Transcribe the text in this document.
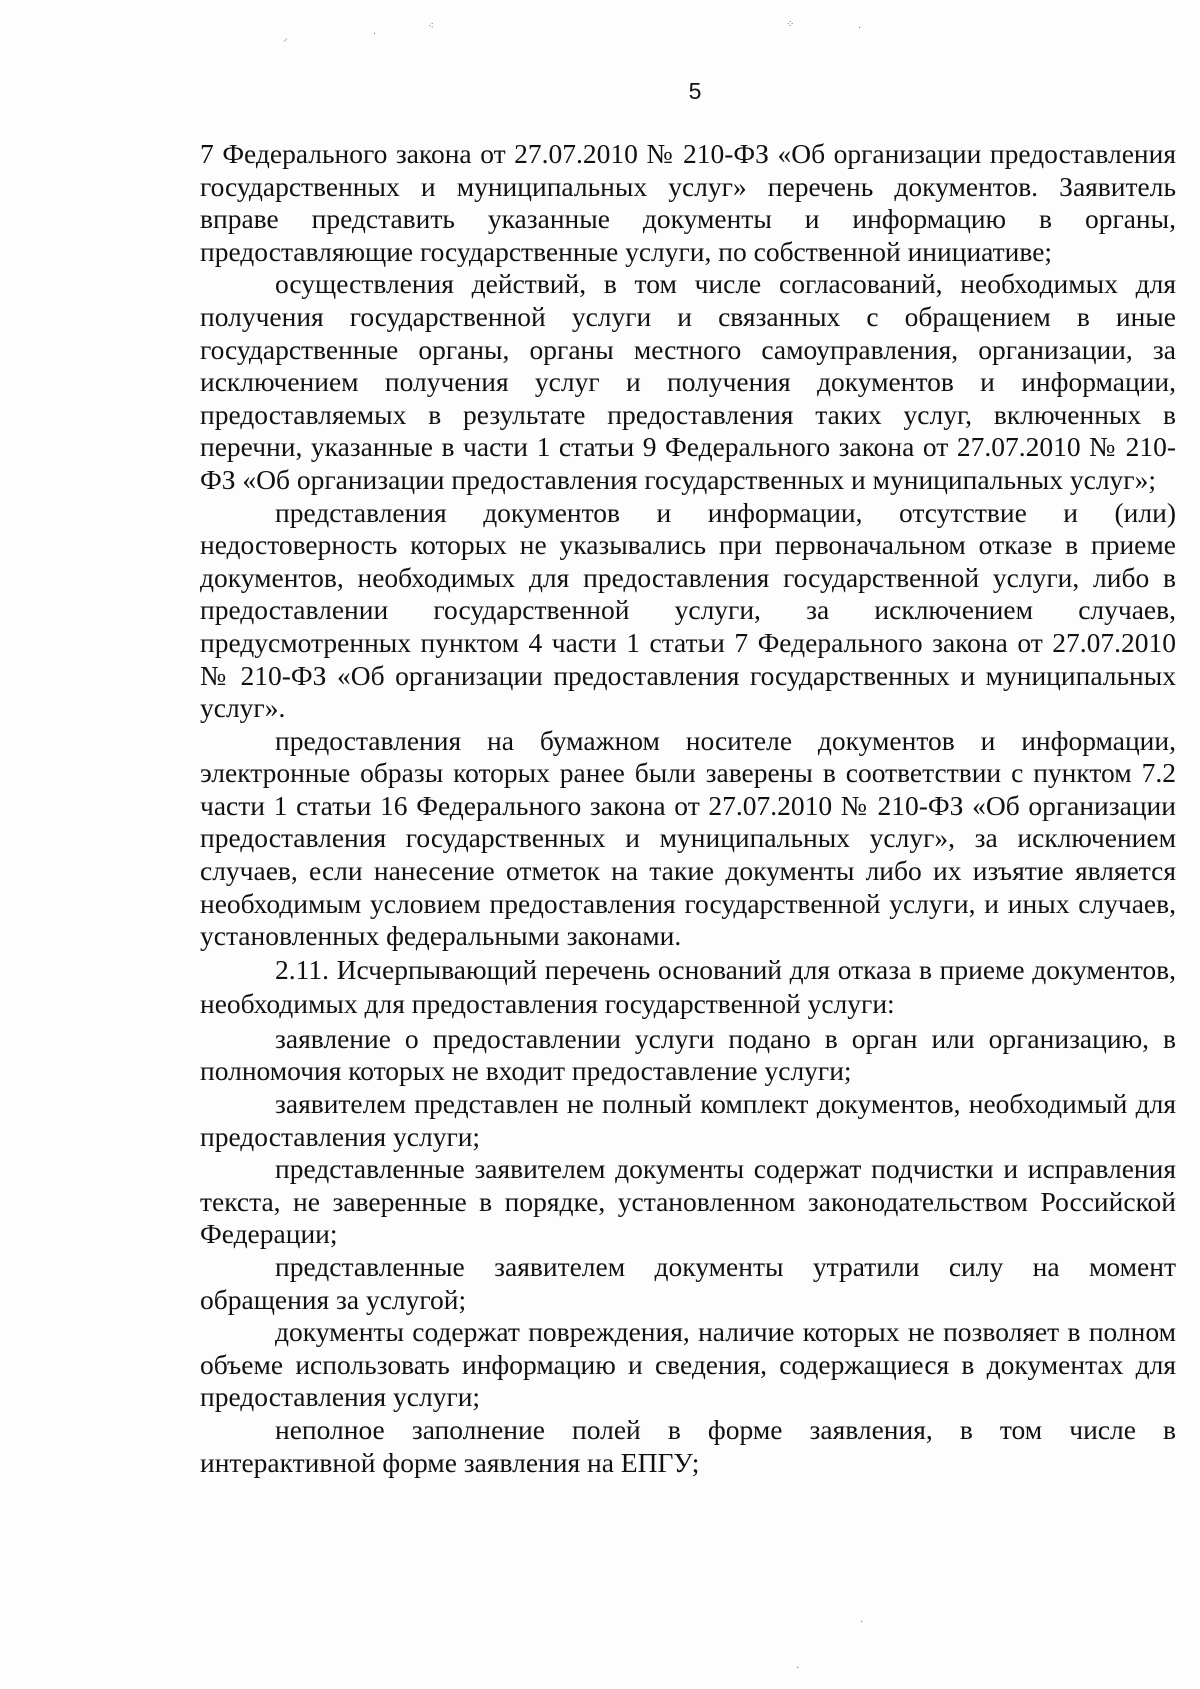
⸝	·
⁖	⁘	·
·
·
5

7 Федерального закона от 27.07.2010 № 210-ФЗ «Об организации предоставления государственных и муниципальных услуг» перечень документов. Заявитель вправе представить указанные документы и информацию в органы, предоставляющие государственные услуги, по собственной инициативе;

осуществления действий, в том числе согласований, необходимых для получения государственной услуги и связанных с обращением в иные государственные органы, органы местного самоуправления, организации, за исключением получения услуг и получения документов и информации, предоставляемых в результате предоставления таких услуг, включенных в перечни, указанные в части 1 статьи 9 Федерального закона от 27.07.2010 № 210-ФЗ «Об организации предоставления государственных и муниципальных услуг»;

представления документов и информации, отсутствие и (или) недостоверность которых не указывались при первоначальном отказе в приеме документов, необходимых для предоставления государственной услуги, либо в предоставлении государственной услуги, за исключением случаев, предусмотренных пунктом 4 части 1 статьи 7 Федерального закона от 27.07.2010 № 210-ФЗ «Об организации предоставления государственных и муниципальных услуг».

предоставления на бумажном носителе документов и информации, электронные образы которых ранее были заверены в соответствии с пунктом 7.2 части 1 статьи 16 Федерального закона от 27.07.2010 № 210-ФЗ «Об организации предоставления государственных и муниципальных услуг», за исключением случаев, если нанесение отметок на такие документы либо их изъятие является необходимым условием предоставления государственной услуги, и иных случаев, установленных федеральными законами.

2.11. Исчерпывающий перечень оснований для отказа в приеме документов, необходимых для предоставления государственной услуги:

заявление о предоставлении услуги подано в орган или организацию, в полномочия которых не входит предоставление услуги;

заявителем представлен не полный комплект документов, необходимый для предоставления услуги;

представленные заявителем документы содержат подчистки и исправления текста, не заверенные в порядке, установленном законодательством Российской Федерации;

представленные заявителем документы утратили силу на момент обращения за услугой;

документы содержат повреждения, наличие которых не позволяет в полном объеме использовать информацию и сведения, содержащиеся в документах для предоставления услуги;

неполное заполнение полей в форме заявления, в том числе в интерактивной форме заявления на ЕПГУ;
